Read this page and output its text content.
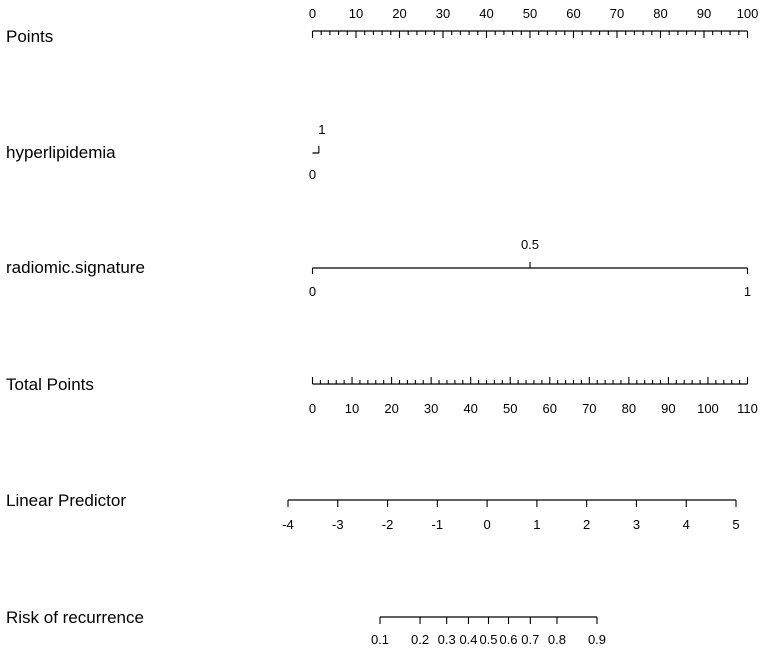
Points
hyperlipidemia
radiomic.signature
Total Points
Linear Predictor
Risk of recurrence
0	10 20 30 40 50 60 70 80 90 100
0
1
0
0.5
1
0 10 20 30 40 50 60 70 80 90 100 110
-4	-3	-2	-1	0	1	2	3	4	5
0.1 0.2 0.3 0.4 0.5 0.6 0.7 0.8 0.9
